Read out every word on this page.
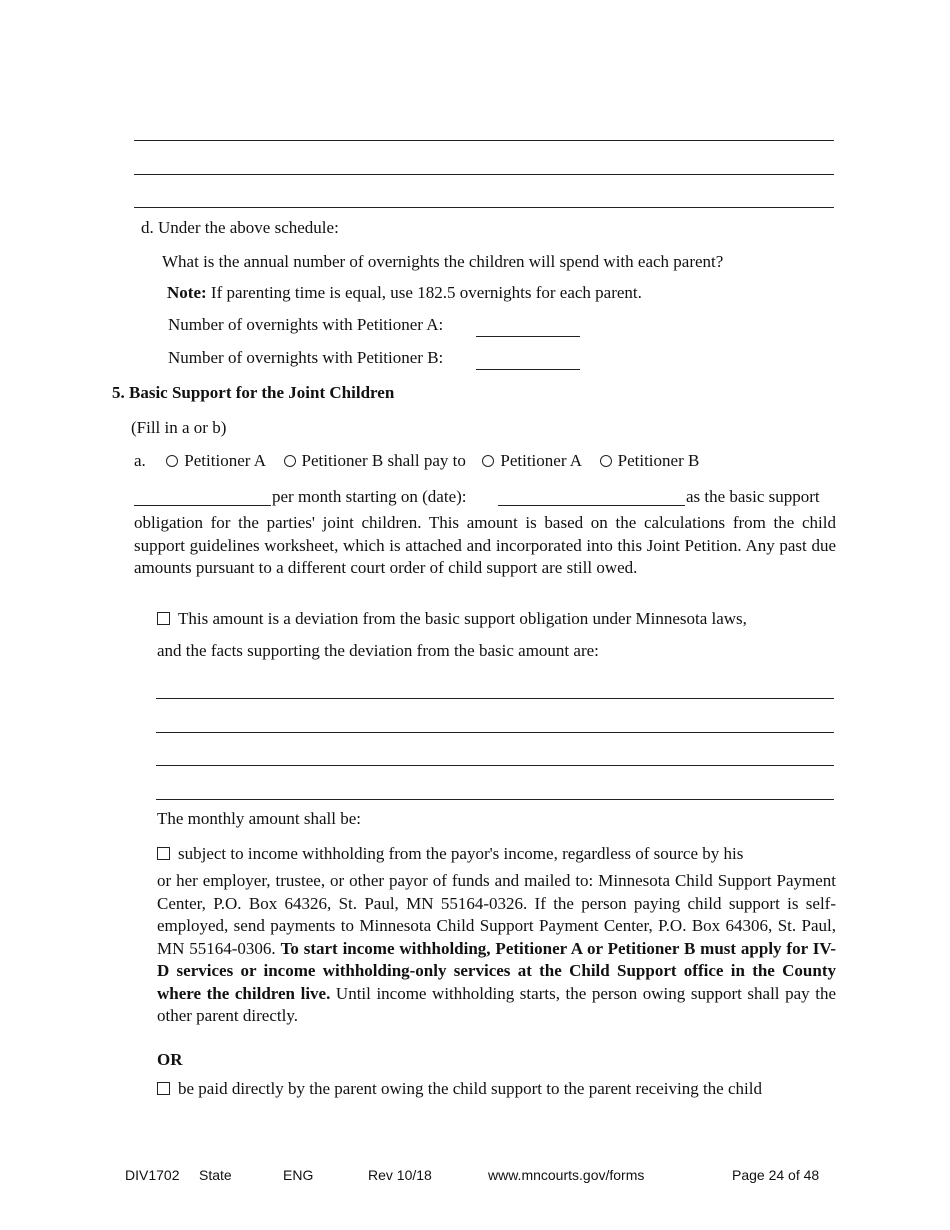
d. Under the above schedule:
What is the annual number of overnights the children will spend with each parent?
Note: If parenting time is equal, use 182.5 overnights for each parent.
Number of overnights with Petitioner A:
Number of overnights with Petitioner B:
5. Basic Support for the Joint Children
(Fill in a or b)
a. Petitioner A Petitioner B shall pay to Petitioner A Petitioner B
per month starting on (date):	as the basic support
obligation for the parties' joint children. This amount is based on the calculations from the child support guidelines worksheet, which is attached and incorporated into this Joint Petition. Any past due amounts pursuant to a different court order of child support are still owed.
This amount is a deviation from the basic support obligation under Minnesota laws,
and the facts supporting the deviation from the basic amount are:
The monthly amount shall be:
subject to income withholding from the payor's income, regardless of source by his
or her employer, trustee, or other payor of funds and mailed to: Minnesota Child Support Payment Center, P.O. Box 64326, St. Paul, MN 55164-0326. If the person paying child support is self-employed, send payments to Minnesota Child Support Payment Center, P.O. Box 64306, St. Paul, MN 55164-0306. To start income withholding, Petitioner A or Petitioner B must apply for IV-D services or income withholding-only services at the Child Support office in the County where the children live. Until income withholding starts, the person owing support shall pay the other parent directly.
OR
be paid directly by the parent owing the child support to the parent receiving the child
DIV1702 State	ENG	Rev 10/18	www.mncourts.gov/forms	Page 24 of 48
